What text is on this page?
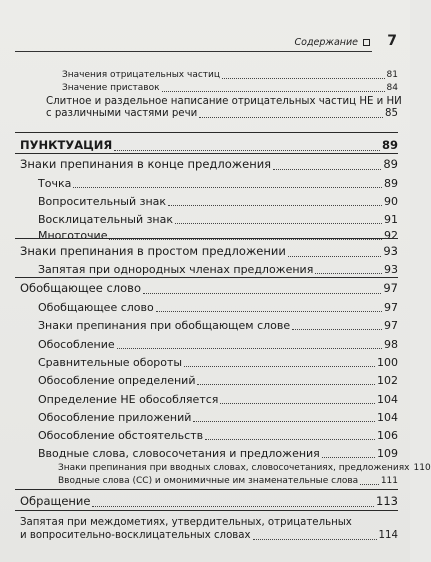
Содержание 7
Значения отрицательных частиц	81
Значение приставок	84
Слитное и раздельное написание отрицательных частиц НЕ и НИ
с различными частями речи	85
ПУНКТУАЦИЯ	89
Знаки препинания в конце предложения	89
Точка	89
Вопросительный знак	90
Восклицательный знак	91
Многоточие	92
Знаки препинания в простом предложении	93
Запятая при однородных членах предложения	93
Обобщающее слово	97
Обобщающее слово	97
Знаки препинания при обобщающем слове	97
Обособление	98
Сравнительные обороты	100
Обособление определений	102
Определение НЕ обособляется	104
Обособление приложений	104
Обособление обстоятельств	106
Вводные слова, словосочетания и предложения	109
Знаки препинания при вводных словах, словосочетаниях, предложениях 110
Вводные слова (СС) и омонимичные им знаменательные слова	111
Обращение	113
Запятая при междометиях, утвердительных, отрицательных
и вопросительно-восклицательных словах	114
